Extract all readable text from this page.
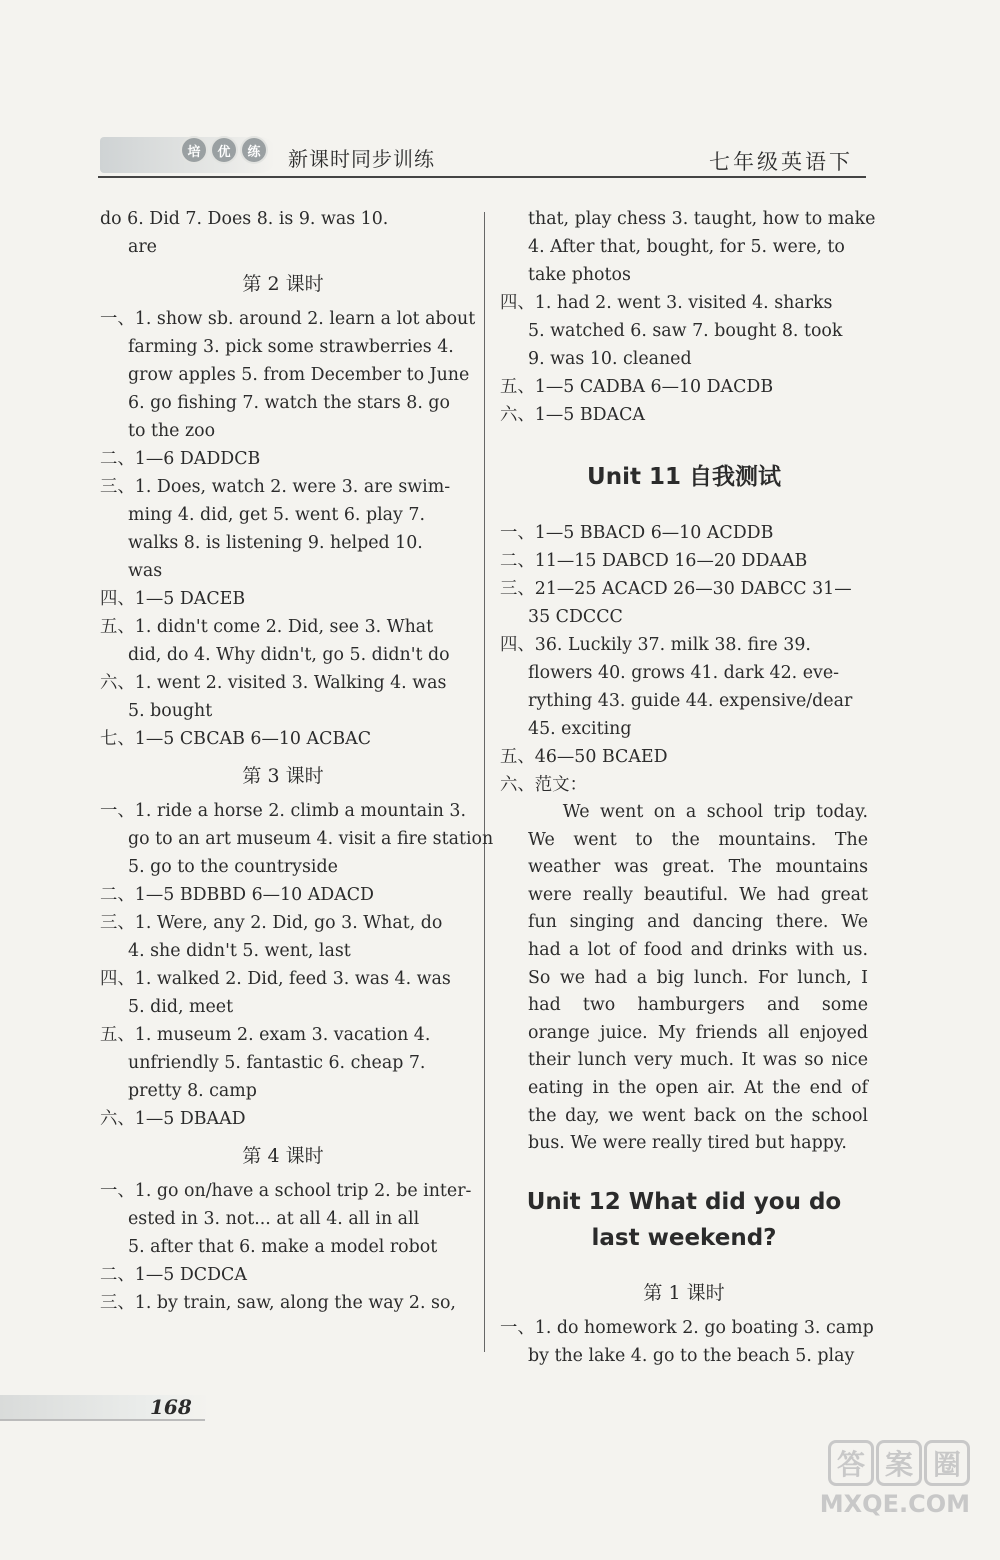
培	优	练 新课时同步训练	七年级英语下
do 6. Did 7. Does 8. is 9. was 10.
are
第 2 课时
一、1. show sb. around 2. learn a lot about
farming 3. pick some strawberries 4.
grow apples 5. from December to June
6. go fishing 7. watch the stars 8. go
to the zoo
二、1—6 DADDCB
三、1. Does, watch 2. were 3. are swim-
ming 4. did, get 5. went 6. play 7.
walks 8. is listening 9. helped 10.
was
四、1—5 DACEB
五、1. didn't come 2. Did, see 3. What
did, do 4. Why didn't, go 5. didn't do
六、1. went 2. visited 3. Walking 4. was
5. bought
七、1—5 CBCAB 6—10 ACBAC
第 3 课时
一、1. ride a horse 2. climb a mountain 3.
go to an art museum 4. visit a fire station
5. go to the countryside
二、1—5 BDBBD 6—10 ADACD
三、1. Were, any 2. Did, go 3. What, do
4. she didn't 5. went, last
四、1. walked 2. Did, feed 3. was 4. was
5. did, meet
五、1. museum 2. exam 3. vacation 4.
unfriendly 5. fantastic 6. cheap 7.
pretty 8. camp
六、1—5 DBAAD
第 4 课时
一、1. go on/have a school trip 2. be inter-
ested in 3. not... at all 4. all in all
5. after that 6. make a model robot
二、1—5 DCDCA
三、1. by train, saw, along the way 2. so,
that, play chess 3. taught, how to make
4. After that, bought, for 5. were, to
take photos
四、1. had 2. went 3. visited 4. sharks
5. watched 6. saw 7. bought 8. took
9. was 10. cleaned
五、1—5 CADBA 6—10 DACDB
六、1—5 BDACA
Unit 11 自我测试
一、1—5 BBACD 6—10 ACDDB
二、11—15 DABCD 16—20 DDAAB
三、21—25 ACACD 26—30 DABCC 31—
35 CDCCC
四、36. Luckily 37. milk 38. fire 39.
flowers 40. grows 41. dark 42. eve-
rything 43. guide 44. expensive/dear
45. exciting
五、46—50 BCAED
六、范文：
We went on a school trip today. We went to the mountains. The weather was great. The mountains were really beautiful. We had great fun singing and dancing there. We had a lot of food and drinks with us. So we had a big lunch. For lunch, I had two hamburgers and some orange juice. My friends all enjoyed their lunch very much. It was so nice eating in the open air. At the end of the day, we went back on the school bus. We were really tired but happy.
Unit 12 What did you do
last weekend?
第 1 课时
一、1. do homework 2. go boating 3. camp
by the lake 4. go to the beach 5. play
168
答 案 圈
MXQE.COM
